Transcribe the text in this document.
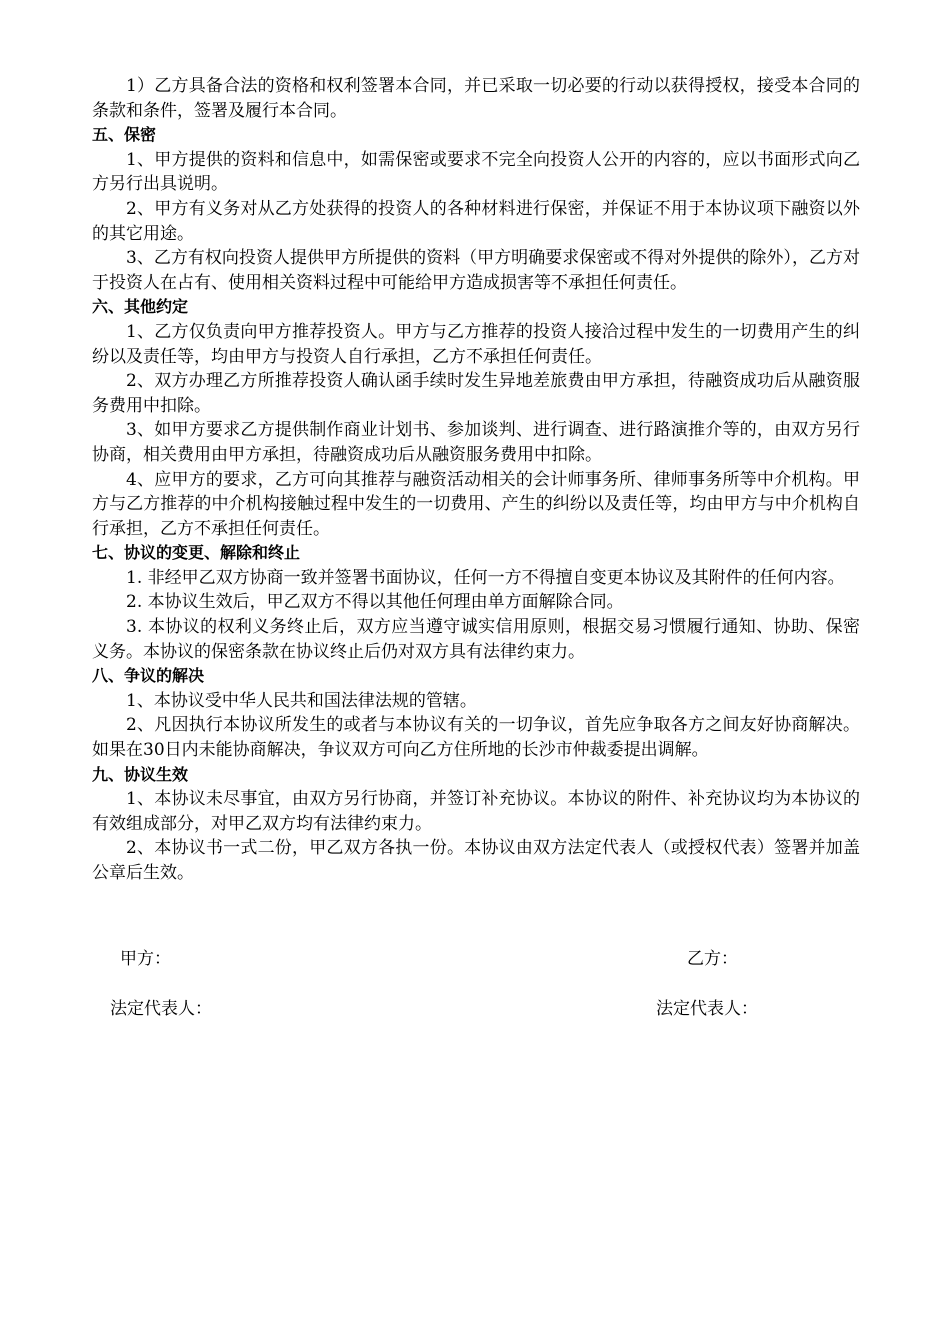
1）乙方具备合法的资格和权利签署本合同，并已采取一切必要的行动以获得授权，接受本合同的条款和条件，签署及履行本合同。

五、保密

1、甲方提供的资料和信息中，如需保密或要求不完全向投资人公开的内容的，应以书面形式向乙方另行出具说明。

2、甲方有义务对从乙方处获得的投资人的各种材料进行保密，并保证不用于本协议项下融资以外的其它用途。

3、乙方有权向投资人提供甲方所提供的资料（甲方明确要求保密或不得对外提供的除外），乙方对于投资人在占有、使用相关资料过程中可能给甲方造成损害等不承担任何责任。

六、其他约定

1、乙方仅负责向甲方推荐投资人。甲方与乙方推荐的投资人接洽过程中发生的一切费用产生的纠纷以及责任等，均由甲方与投资人自行承担，乙方不承担任何责任。

2、双方办理乙方所推荐投资人确认函手续时发生异地差旅费由甲方承担，待融资成功后从融资服务费用中扣除。

3、如甲方要求乙方提供制作商业计划书、参加谈判、进行调查、进行路演推介等的，由双方另行协商，相关费用由甲方承担，待融资成功后从融资服务费用中扣除。

4、应甲方的要求，乙方可向其推荐与融资活动相关的会计师事务所、律师事务所等中介机构。甲方与乙方推荐的中介机构接触过程中发生的一切费用、产生的纠纷以及责任等，均由甲方与中介机构自行承担，乙方不承担任何责任。

七、协议的变更、解除和终止

1. 非经甲乙双方协商一致并签署书面协议，任何一方不得擅自变更本协议及其附件的任何内容。

2. 本协议生效后，甲乙双方不得以其他任何理由单方面解除合同。

3. 本协议的权利义务终止后，双方应当遵守诚实信用原则，根据交易习惯履行通知、协助、保密义务。本协议的保密条款在协议终止后仍对双方具有法律约束力。

八、争议的解决

1、本协议受中华人民共和国法律法规的管辖。

2、凡因执行本协议所发生的或者与本协议有关的一切争议，首先应争取各方之间友好协商解决。如果在30日内未能协商解决，争议双方可向乙方住所地的长沙市仲裁委提出调解。

九、协议生效

1、本协议未尽事宜，由双方另行协商，并签订补充协议。本协议的附件、补充协议均为本协议的有效组成部分，对甲乙双方均有法律约束力。

2、本协议书一式二份，甲乙双方各执一份。本协议由双方法定代表人（或授权代表）签署并加盖公章后生效。

甲方：	乙方：
法定代表人：	法定代表人：
